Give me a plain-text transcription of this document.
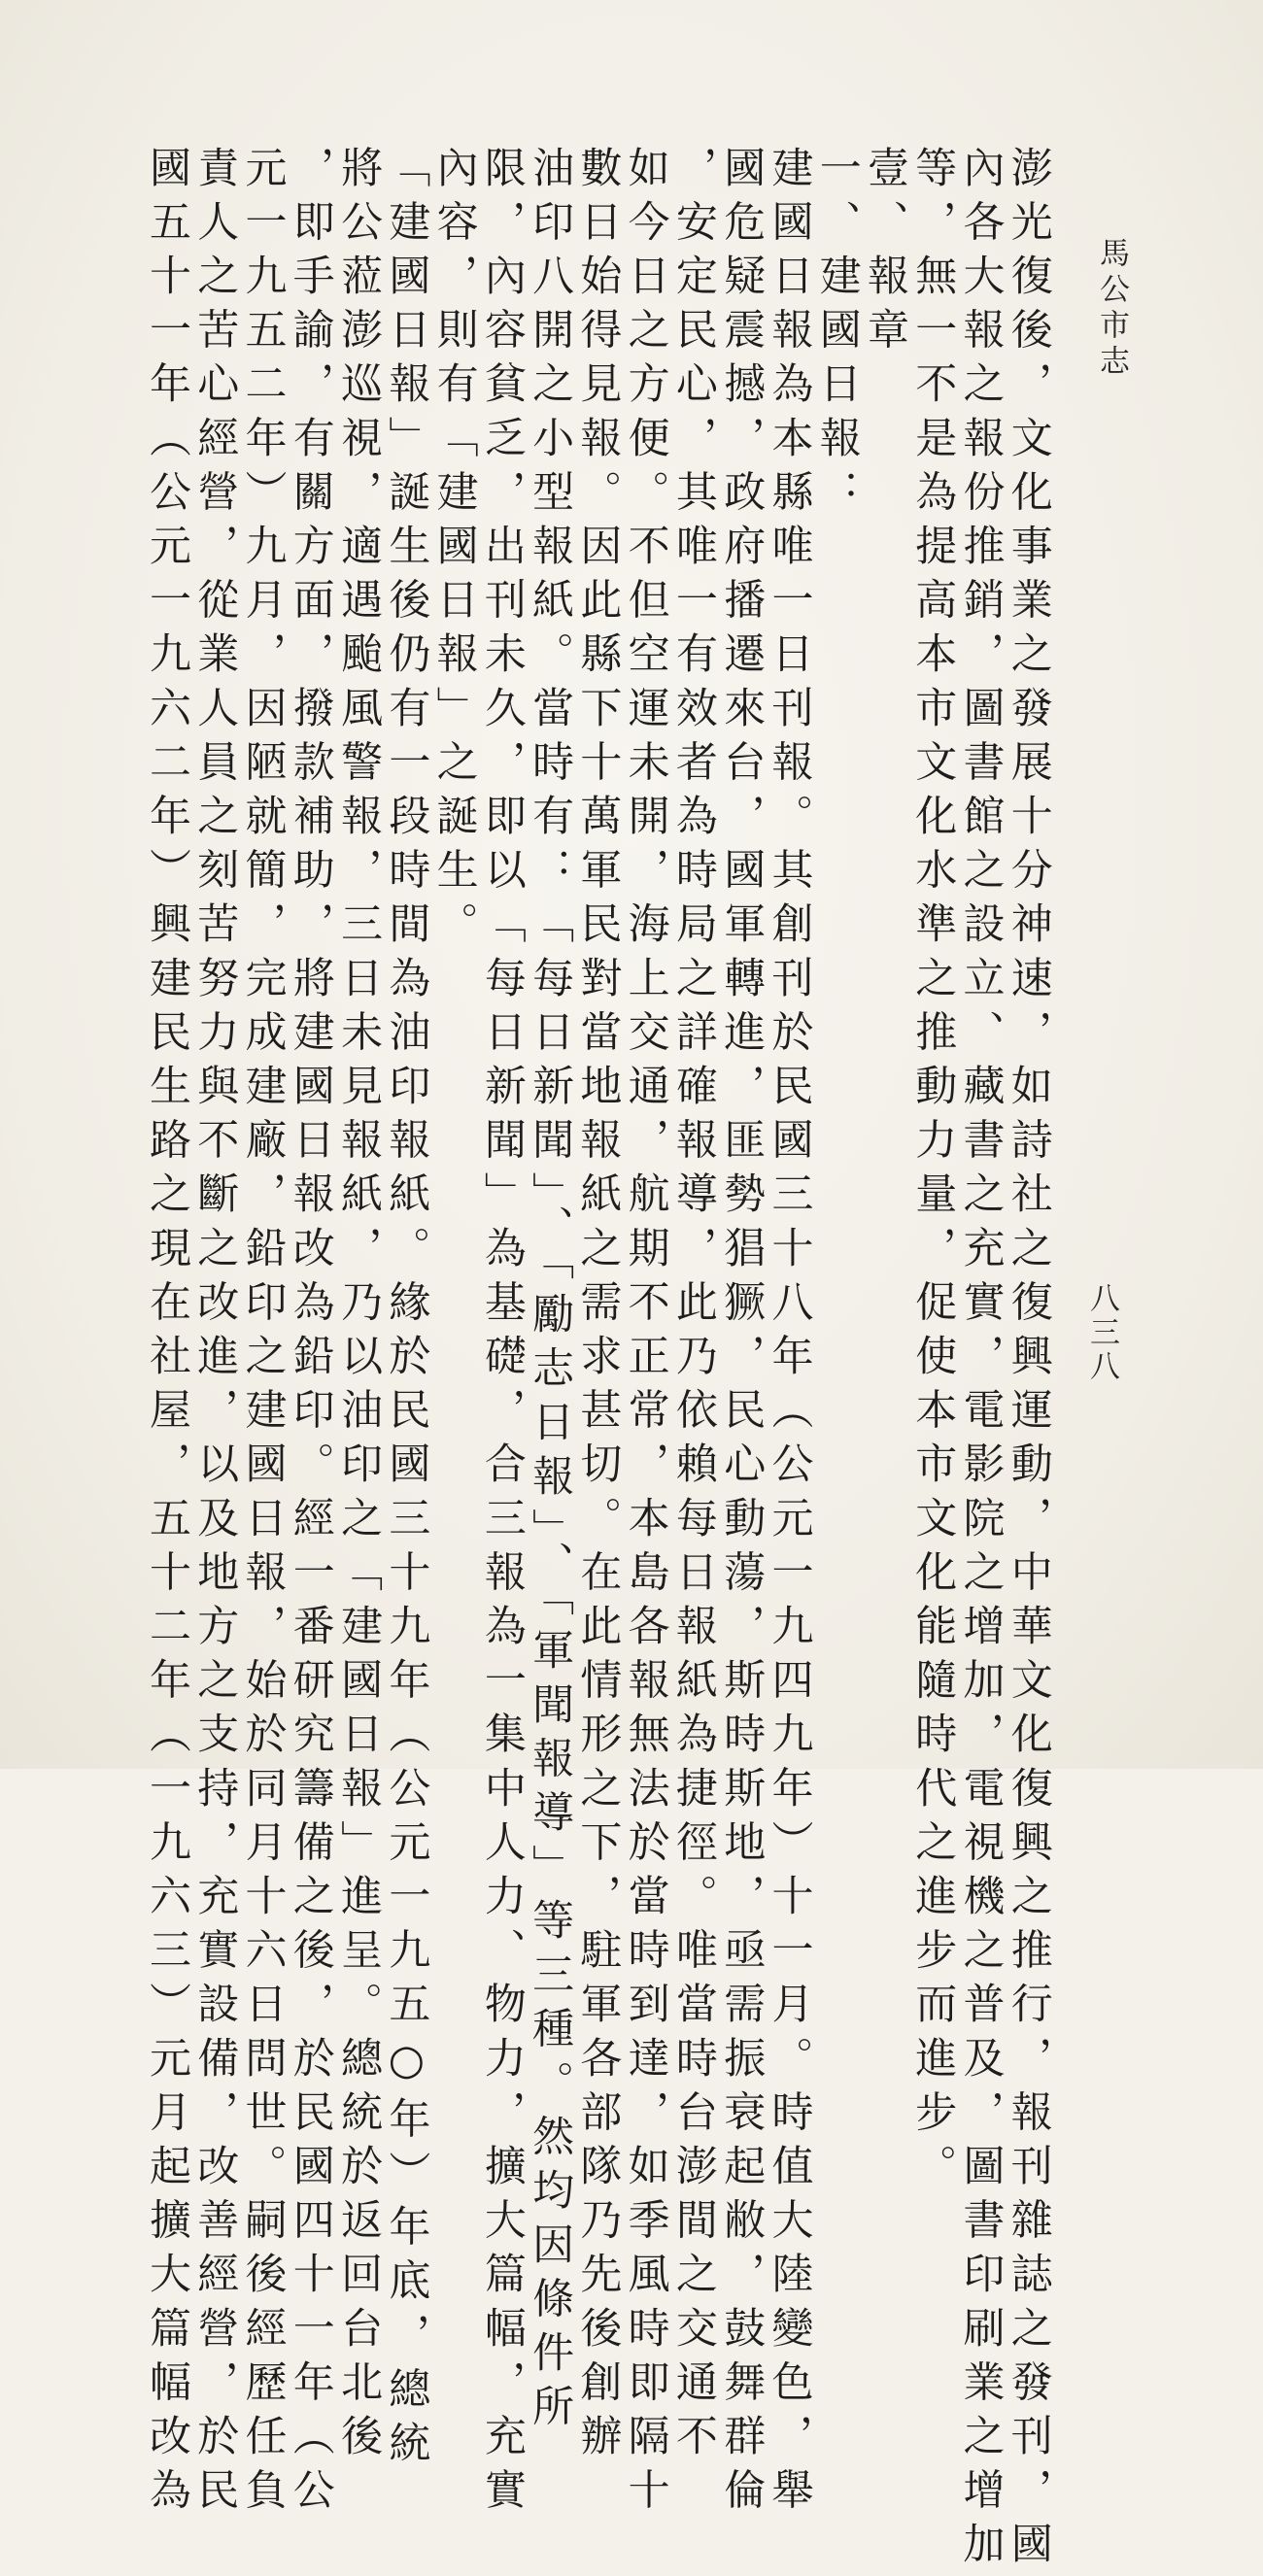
馬公市志
八三八
澎光復後，文化事業之發展十分神速，如詩社之復興運動，中華文化復興之推行，報刊雜誌之發刊，國
內各大報之報份推銷，圖書館之設立、藏書之充實，電影院之增加，電視機之普及，圖書印刷業之增加
等，無一不是為提高本市文化水準之推動力量，促使本市文化能隨時代之進步而進步。
壹、報章
一、建國日報：
建國日報為本縣唯一日刊報。其創刊於民國三十八年︵公元一九四九年︶十一月。時值大陸變色，舉
國危疑震撼，政府播遷來台，國軍轉進，匪勢猖獗，民心動蕩，斯時斯地，亟需振衰起敝，鼓舞群倫
，安定民心，其唯一有效者為時局之詳確報導，此乃依賴每日報紙為捷徑。唯當時台澎間之交通不
如今日之方便。不但空運未開，海上交通，航期不正常，本島各報無法於當時到達，如季風時即隔十
數日始得見報。因此縣下十萬軍民對當地報紙之需求甚切。在此情形之下，駐軍各部隊乃先後創辦
油印八開之小型報紙。當時有：「每日新聞」、「勵志日報」、「軍聞報導」等三種。然均因條件所
限，內容貧乏，出刊未久，即以「每日新聞」為基礎，合三報為一集中人力、物力，擴大篇幅，充實
內容，則有「建國日報」之誕生。
「建國日報」誕生後仍有一段時間為油印報紙。緣於民國三十九年︵公元一九五○年︶年底，總統
將公蒞澎巡視，適遇颱風警報，三日未見報紙，乃以油印之「建國日報」進呈。總統於返回台北後
，即手諭，有關方面，撥款補助，將建國日報改為鉛印。經一番研究籌備之後，於民國四十一年︵公
元一九五二年︶九月，因陋就簡，完成建廠，鉛印之建國日報，始於同月十六日問世。嗣後經歷任負
責人之苦心經營，從業人員之刻苦努力與不斷之改進，以及地方之支持，充實設備，改善經營，於民
國五十一年︵公元一九六二年︶興建民生路之現在社屋，五十二年︵一九六三︶元月起擴大篇幅改為
